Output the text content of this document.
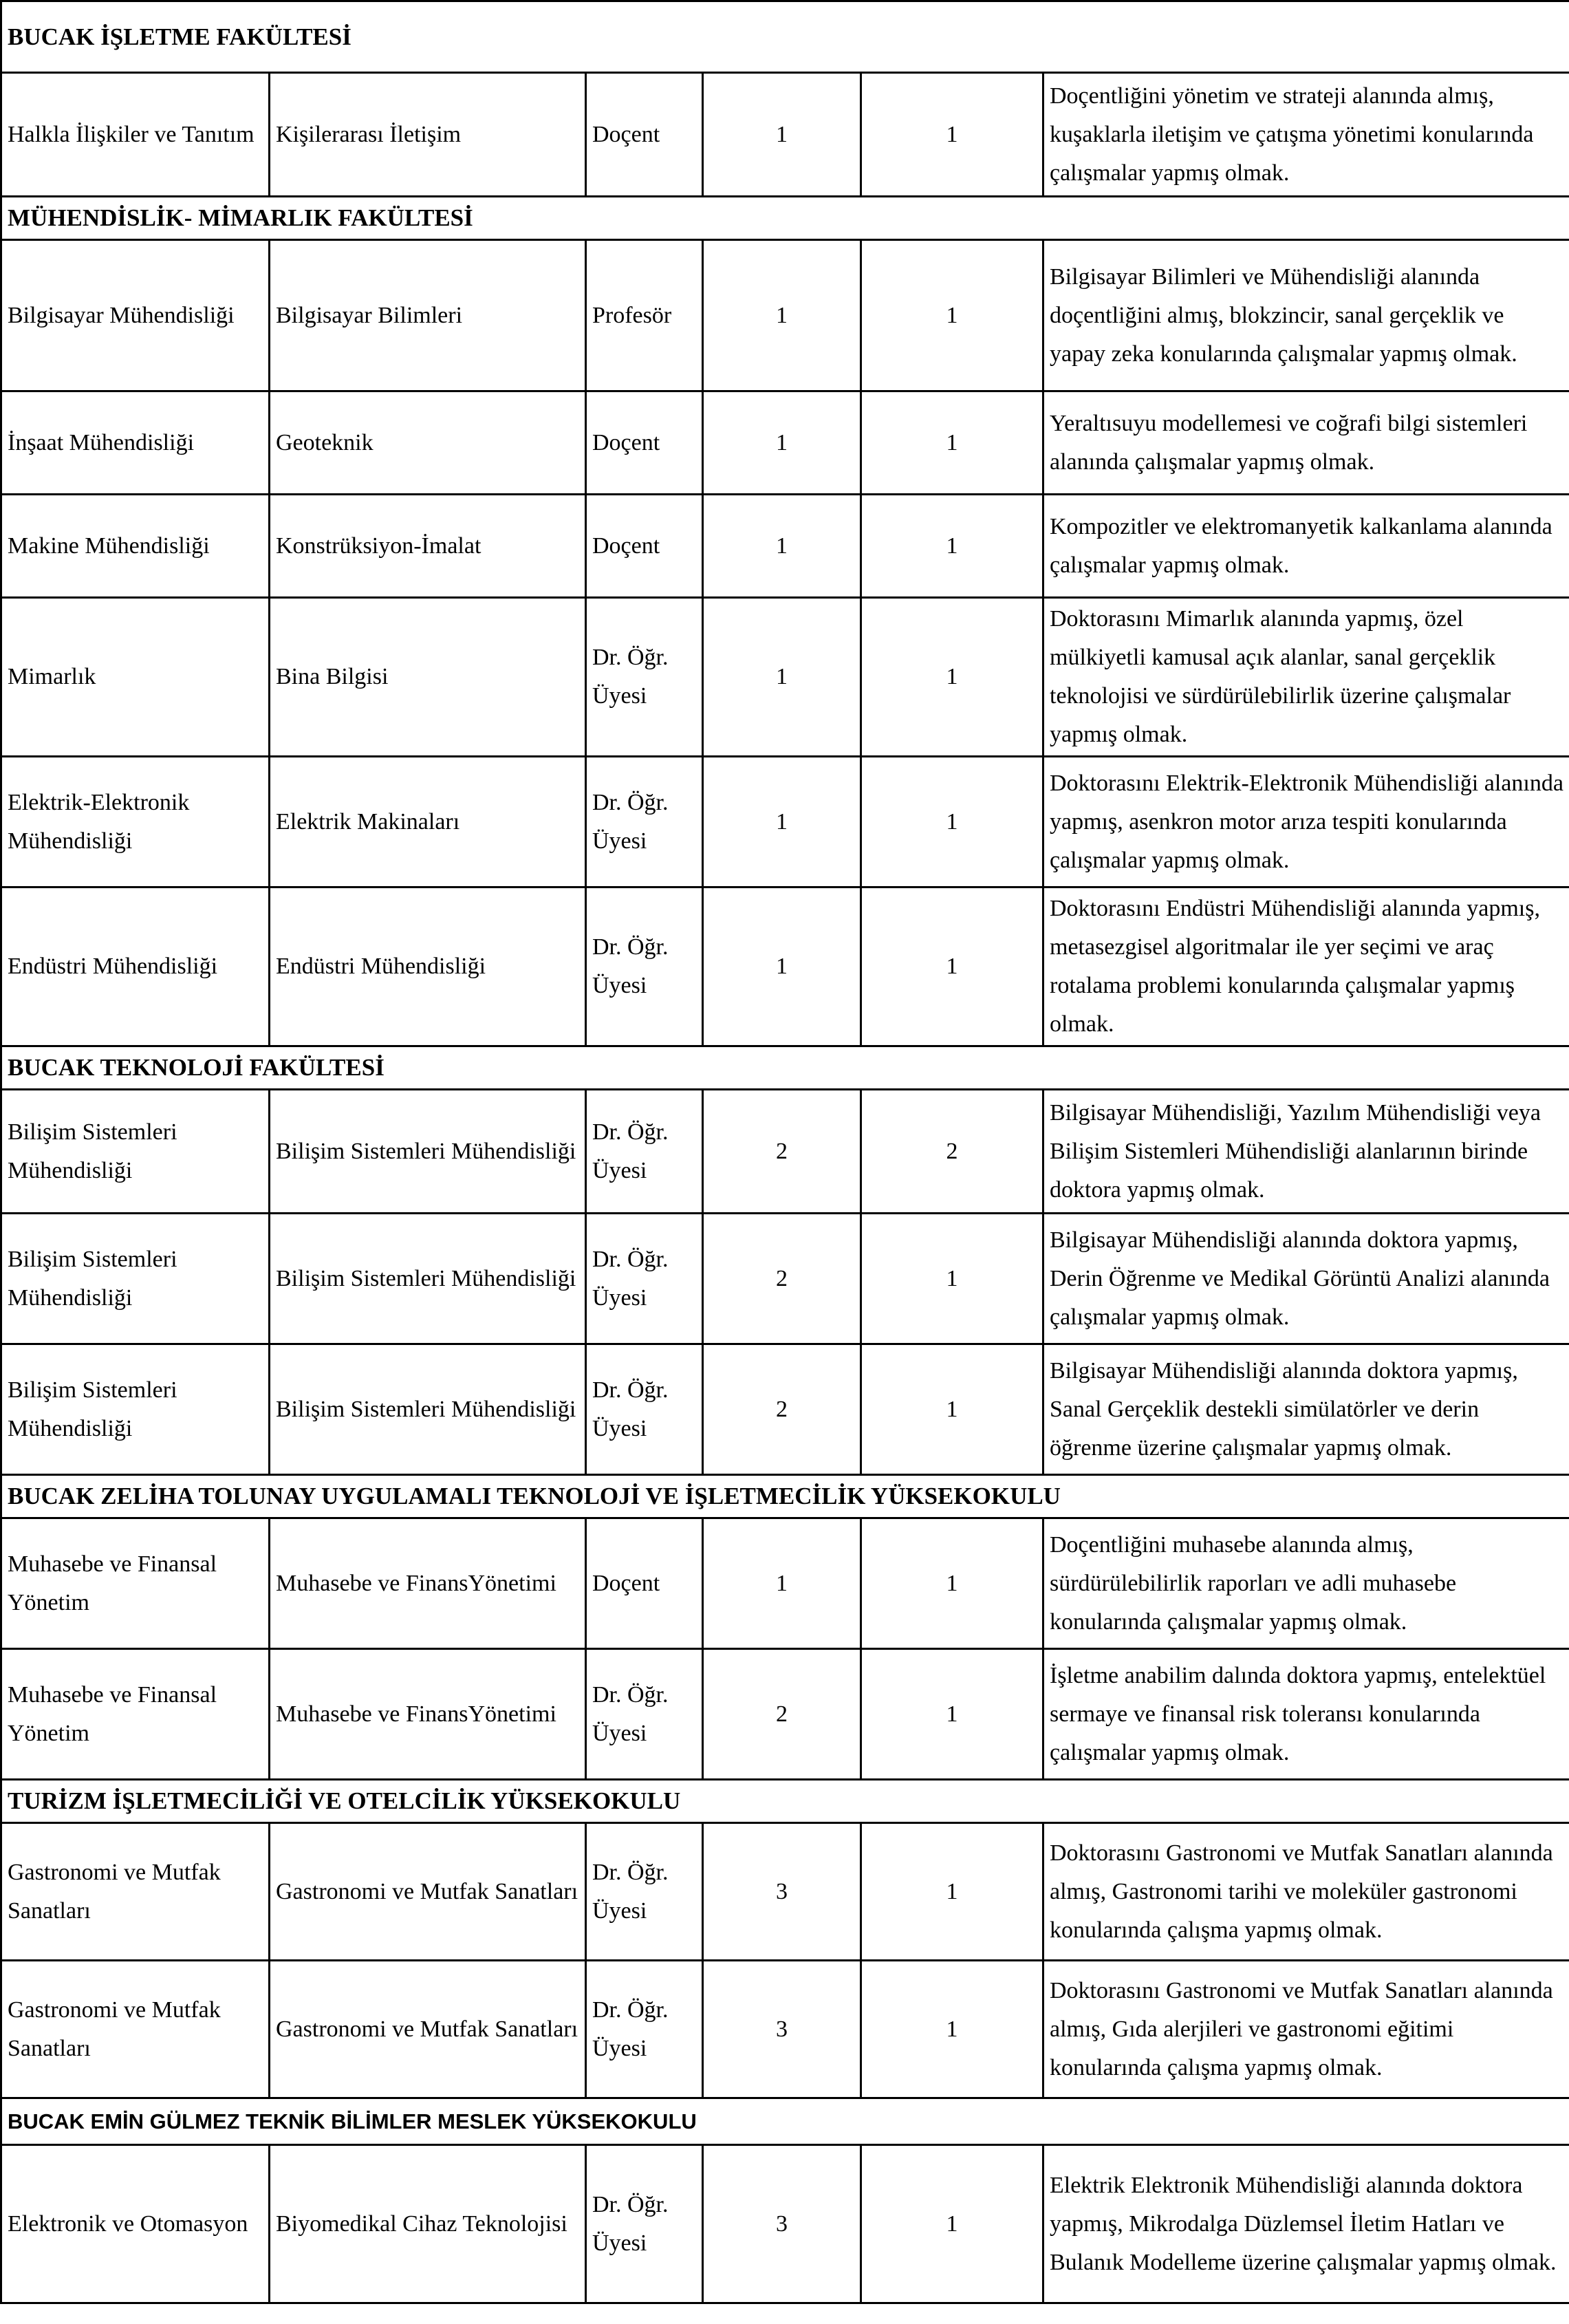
BUCAK İŞLETME FAKÜLTESİ					
Halkla İlişkiler ve Tanıtım	Kişilerarası İletişim	Doçent	1	1	Doçentliğini yönetim ve strateji alanında almış, kuşaklarla iletişim ve çatışma yönetimi konularında çalışmalar yapmış olmak.
MÜHENDİSLİK- MİMARLIK FAKÜLTESİ					
Bilgisayar Mühendisliği	Bilgisayar Bilimleri	Profesör	1	1	Bilgisayar Bilimleri ve Mühendisliği alanında doçentliğini almış, blokzincir, sanal gerçeklik ve yapay zeka konularında çalışmalar yapmış olmak.
İnşaat Mühendisliği	Geoteknik	Doçent	1	1	Yeraltısuyu modellemesi ve coğrafi bilgi sistemleri alanında çalışmalar yapmış olmak.
Makine Mühendisliği	Konstrüksiyon-İmalat	Doçent	1	1	Kompozitler ve elektromanyetik kalkanlama alanında çalışmalar yapmış olmak.
Mimarlık	Bina Bilgisi	Dr. Öğr. Üyesi	1	1	Doktorasını Mimarlık alanında yapmış, özel mülkiyetli kamusal açık alanlar, sanal gerçeklik teknolojisi ve sürdürülebilirlik üzerine çalışmalar yapmış olmak.
Elektrik-Elektronik Mühendisliği	Elektrik Makinaları	Dr. Öğr. Üyesi	1	1	Doktorasını Elektrik-Elektronik Mühendisliği alanında yapmış, asenkron motor arıza tespiti konularında çalışmalar yapmış olmak.
Endüstri Mühendisliği	Endüstri Mühendisliği	Dr. Öğr. Üyesi	1	1	Doktorasını Endüstri Mühendisliği alanında yapmış, metasezgisel algoritmalar ile yer seçimi ve araç rotalama problemi konularında çalışmalar yapmış olmak.
BUCAK TEKNOLOJİ FAKÜLTESİ					
Bilişim Sistemleri Mühendisliği	Bilişim Sistemleri Mühendisliği	Dr. Öğr. Üyesi	2	2	Bilgisayar Mühendisliği, Yazılım Mühendisliği veya Bilişim Sistemleri Mühendisliği alanlarının birinde doktora yapmış olmak.
Bilişim Sistemleri Mühendisliği	Bilişim Sistemleri Mühendisliği	Dr. Öğr. Üyesi	2	1	Bilgisayar Mühendisliği alanında doktora yapmış, Derin Öğrenme ve Medikal Görüntü Analizi alanında çalışmalar yapmış olmak.
Bilişim Sistemleri Mühendisliği	Bilişim Sistemleri Mühendisliği	Dr. Öğr. Üyesi	2	1	Bilgisayar Mühendisliği alanında doktora yapmış, Sanal Gerçeklik destekli simülatörler ve derin öğrenme üzerine çalışmalar yapmış olmak.
BUCAK ZELİHA TOLUNAY UYGULAMALI TEKNOLOJİ VE İŞLETMECİLİK YÜKSEKOKULU					
Muhasebe ve Finansal Yönetim	Muhasebe ve FinansYönetimi	Doçent	1	1	Doçentliğini muhasebe alanında almış, sürdürülebilirlik raporları ve adli muhasebe konularında çalışmalar yapmış olmak.
Muhasebe ve Finansal Yönetim	Muhasebe ve FinansYönetimi	Dr. Öğr. Üyesi	2	1	İşletme anabilim dalında doktora yapmış, entelektüel sermaye ve finansal risk toleransı konularında çalışmalar yapmış olmak.
TURİZM İŞLETMECİLİĞİ VE OTELCİLİK YÜKSEKOKULU					
Gastronomi ve Mutfak Sanatları	Gastronomi ve Mutfak Sanatları	Dr. Öğr. Üyesi	3	1	Doktorasını Gastronomi ve Mutfak Sanatları alanında almış, Gastronomi tarihi ve moleküler gastronomi konularında çalışma yapmış olmak.
Gastronomi ve Mutfak Sanatları	Gastronomi ve Mutfak Sanatları	Dr. Öğr. Üyesi	3	1	Doktorasını Gastronomi ve Mutfak Sanatları alanında almış, Gıda alerjileri ve gastronomi eğitimi konularında çalışma yapmış olmak.
BUCAK EMİN GÜLMEZ TEKNİK BİLİMLER MESLEK YÜKSEKOKULU					
Elektronik ve Otomasyon	Biyomedikal Cihaz Teknolojisi	Dr. Öğr. Üyesi	3	1	Elektrik Elektronik Mühendisliği alanında doktora yapmış, Mikrodalga Düzlemsel İletim Hatları ve Bulanık Modelleme üzerine çalışmalar yapmış olmak.
